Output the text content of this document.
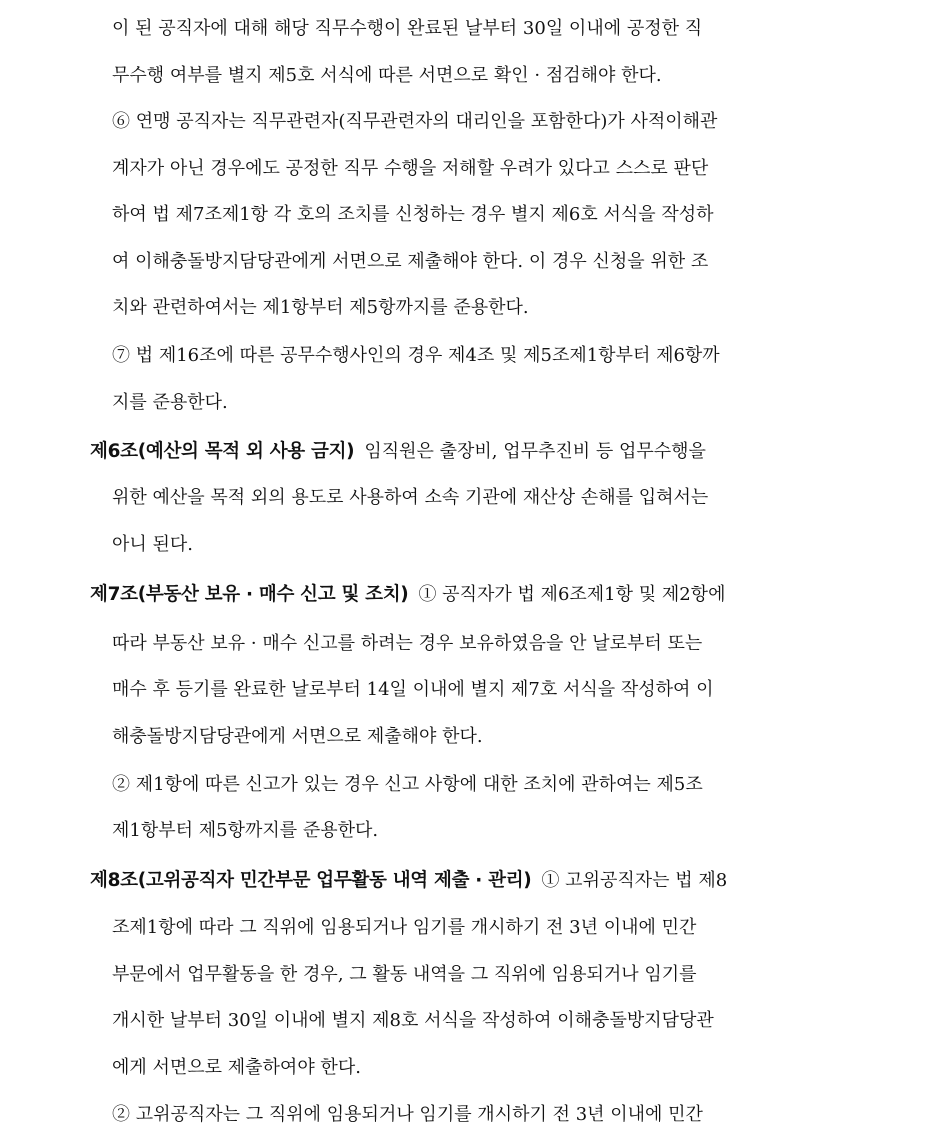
이 된 공직자에 대해 해당 직무수행이 완료된 날부터 30일 이내에 공정한 직
무수행 여부를 별지 제5호 서식에 따른 서면으로 확인 · 점검해야 한다.
⑥ 연맹 공직자는 직무관련자(직무관련자의 대리인을 포함한다)가 사적이해관
계자가 아닌 경우에도 공정한 직무 수행을 저해할 우려가 있다고 스스로 판단
하여 법 제7조제1항 각 호의 조치를 신청하는 경우 별지 제6호 서식을 작성하
여 이해충돌방지담당관에게 서면으로 제출해야 한다. 이 경우 신청을 위한 조
치와 관련하여서는 제1항부터 제5항까지를 준용한다.
⑦ 법 제16조에 따른 공무수행사인의 경우 제4조 및 제5조제1항부터 제6항까
지를 준용한다.
제6조(예산의 목적 외 사용 금지) 임직원은 출장비, 업무추진비 등 업무수행을
위한 예산을 목적 외의 용도로 사용하여 소속 기관에 재산상 손해를 입혀서는
아니 된다.
제7조(부동산 보유 · 매수 신고 및 조치) ① 공직자가 법 제6조제1항 및 제2항에
따라 부동산 보유 · 매수 신고를 하려는 경우 보유하였음을 안 날로부터 또는
매수 후 등기를 완료한 날로부터 14일 이내에 별지 제7호 서식을 작성하여 이
해충돌방지담당관에게 서면으로 제출해야 한다.
② 제1항에 따른 신고가 있는 경우 신고 사항에 대한 조치에 관하여는 제5조
제1항부터 제5항까지를 준용한다.
제8조(고위공직자 민간부문 업무활동 내역 제출 · 관리) ① 고위공직자는 법 제8
조제1항에 따라 그 직위에 임용되거나 임기를 개시하기 전 3년 이내에 민간
부문에서 업무활동을 한 경우, 그 활동 내역을 그 직위에 임용되거나 임기를
개시한 날부터 30일 이내에 별지 제8호 서식을 작성하여 이해충돌방지담당관
에게 서면으로 제출하여야 한다.
② 고위공직자는 그 직위에 임용되거나 임기를 개시하기 전 3년 이내에 민간
